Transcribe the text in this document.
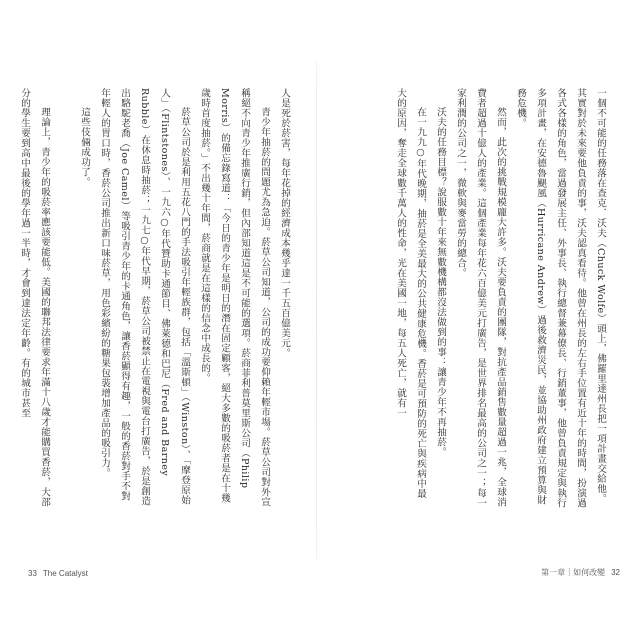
人是死於菸害，每年花掉的經濟成本幾乎達一千五百億美元。

青少年抽菸的問題尤為急迫。菸草公司知道，公司的成功要仰賴年輕市場。菸草公司對外宣稱絕不向青少年推廣行銷，但內部知道這是不可能的選項。菸商菲利普莫里斯公司（Philip Morris）的備忘錄寫道：「今日的青少年是明日的潛在固定顧客，絕大多數的吸菸者是在十幾歲時首度抽菸。」不出幾十年間，菸商就是在這樣的信念中成長的。

菸草公司於是利用五花八門的手法吸引年輕族群，包括「溫斯頓」（Winston）、「摩登原始人」（Flintstones）、一九六○年代贊助卡通節目、佛萊德和巴尼（Fred and Barney Rubble）在休息時抽菸；一九七○年代早期，菸草公司被禁止在電視與電台打廣告，於是創造出駱駝老喬（Joe Camel）等吸引青少年的卡通角色，讓香菸顯得有趣，一般的香菸對手不對年輕人的胃口時，香菸公司推出新口味菸草，用色彩繽紛的糖果包裝增加產品的吸引力。

這些伎倆成功了。

理論上，青少年的吸菸率應該要能低。美國的聯邦法律要求年滿十八歲才能購買香菸，大部分的學生要到高中最後的學年過一半時，才會到達法定年齡。有的城市甚至

33 The Catalyst

一個不可能的任務落在查克．沃夫（Chuck Wolfe）頭上，佛羅里達州長把一項計畫交給他。其實對於未來要他負責的事，沃夫認真看待。他曾在州長的左右手位置有近十年的時間，扮演過各式各樣的角色，當過發展主任、外事長、執行總督兼幕僚長、行銷董事，他曾負責規定與執行多項計畫，在安德魯颶風（Hurricane Andrew）過後救濟災民，並協助州政府建立預算與財務危機。

然而，此次的挑戰規模龐大許多。沃夫要負責的團隊，對抗產品銷售數量超過一兆，全球消費者超過十億人的產業。這個產業每年花六百億美元打廣告，是世界排名最高的公司之一；每一家利潤的公司之一，微軟與麥當勞的總合。

沃夫的任務目標？說服數十年來無數機構都沒法做到的事：讓青少年不再抽菸。

在一九九○年代晚期，抽菸是全美最大的公共健康危機。香菸是可預防的死亡與疾病中最大的原因，奪走全球數千萬人的性命，光在美國一地，每五人死亡，就有一

第一章｜如何改變 32
